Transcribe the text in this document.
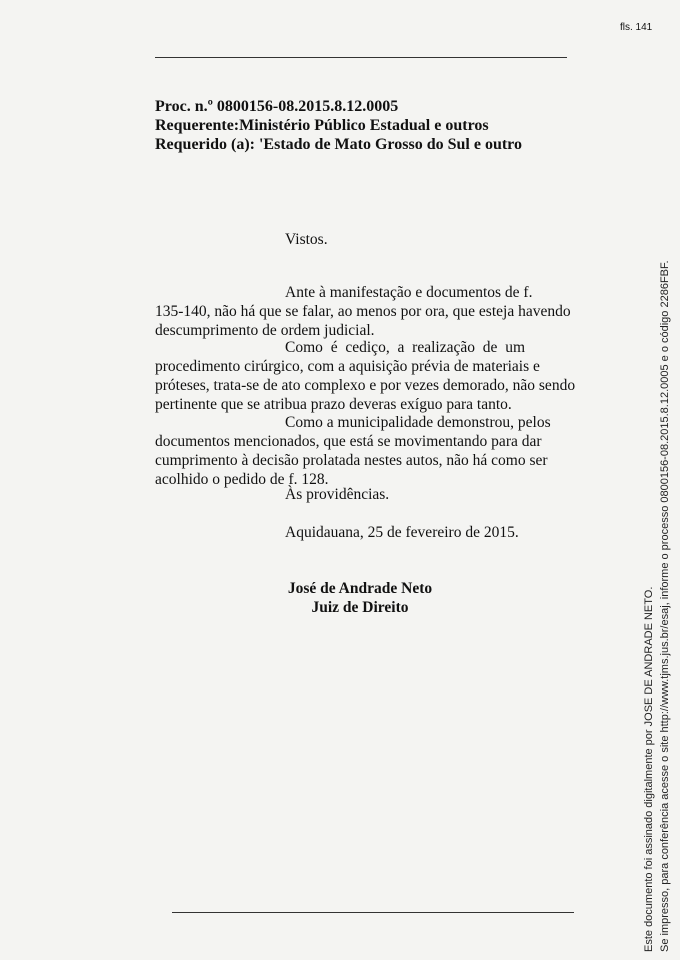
fls. 141
Proc. n.º 0800156-08.2015.8.12.0005
Requerente:Ministério Público Estadual e outros
Requerido (a): 'Estado de Mato Grosso do Sul e outro
Vistos.
Ante à manifestação e documentos de f.
135-140, não há que se falar, ao menos por ora, que esteja havendo
descumprimento de ordem judicial.
Como é cediço, a realização de um
procedimento cirúrgico, com a aquisição prévia de materiais e
próteses, trata-se de ato complexo e por vezes demorado, não sendo
pertinente que se atribua prazo deveras exíguo para tanto.
Como a municipalidade demonstrou, pelos
documentos mencionados, que está se movimentando para dar
cumprimento à decisão prolatada nestes autos, não há como ser
acolhido o pedido de f. 128.
Às providências.
Aquidauana, 25 de fevereiro de 2015.
José de Andrade Neto
Juiz de Direito	Este documento foi assinado digitalmente por JOSE DE ANDRADE NETO. Se impresso, para conferência acesse o site http://www.tjms.jus.br/esaj, informe o processo 0800156-08.2015.8.12.0005 e o código 2286FBF.
